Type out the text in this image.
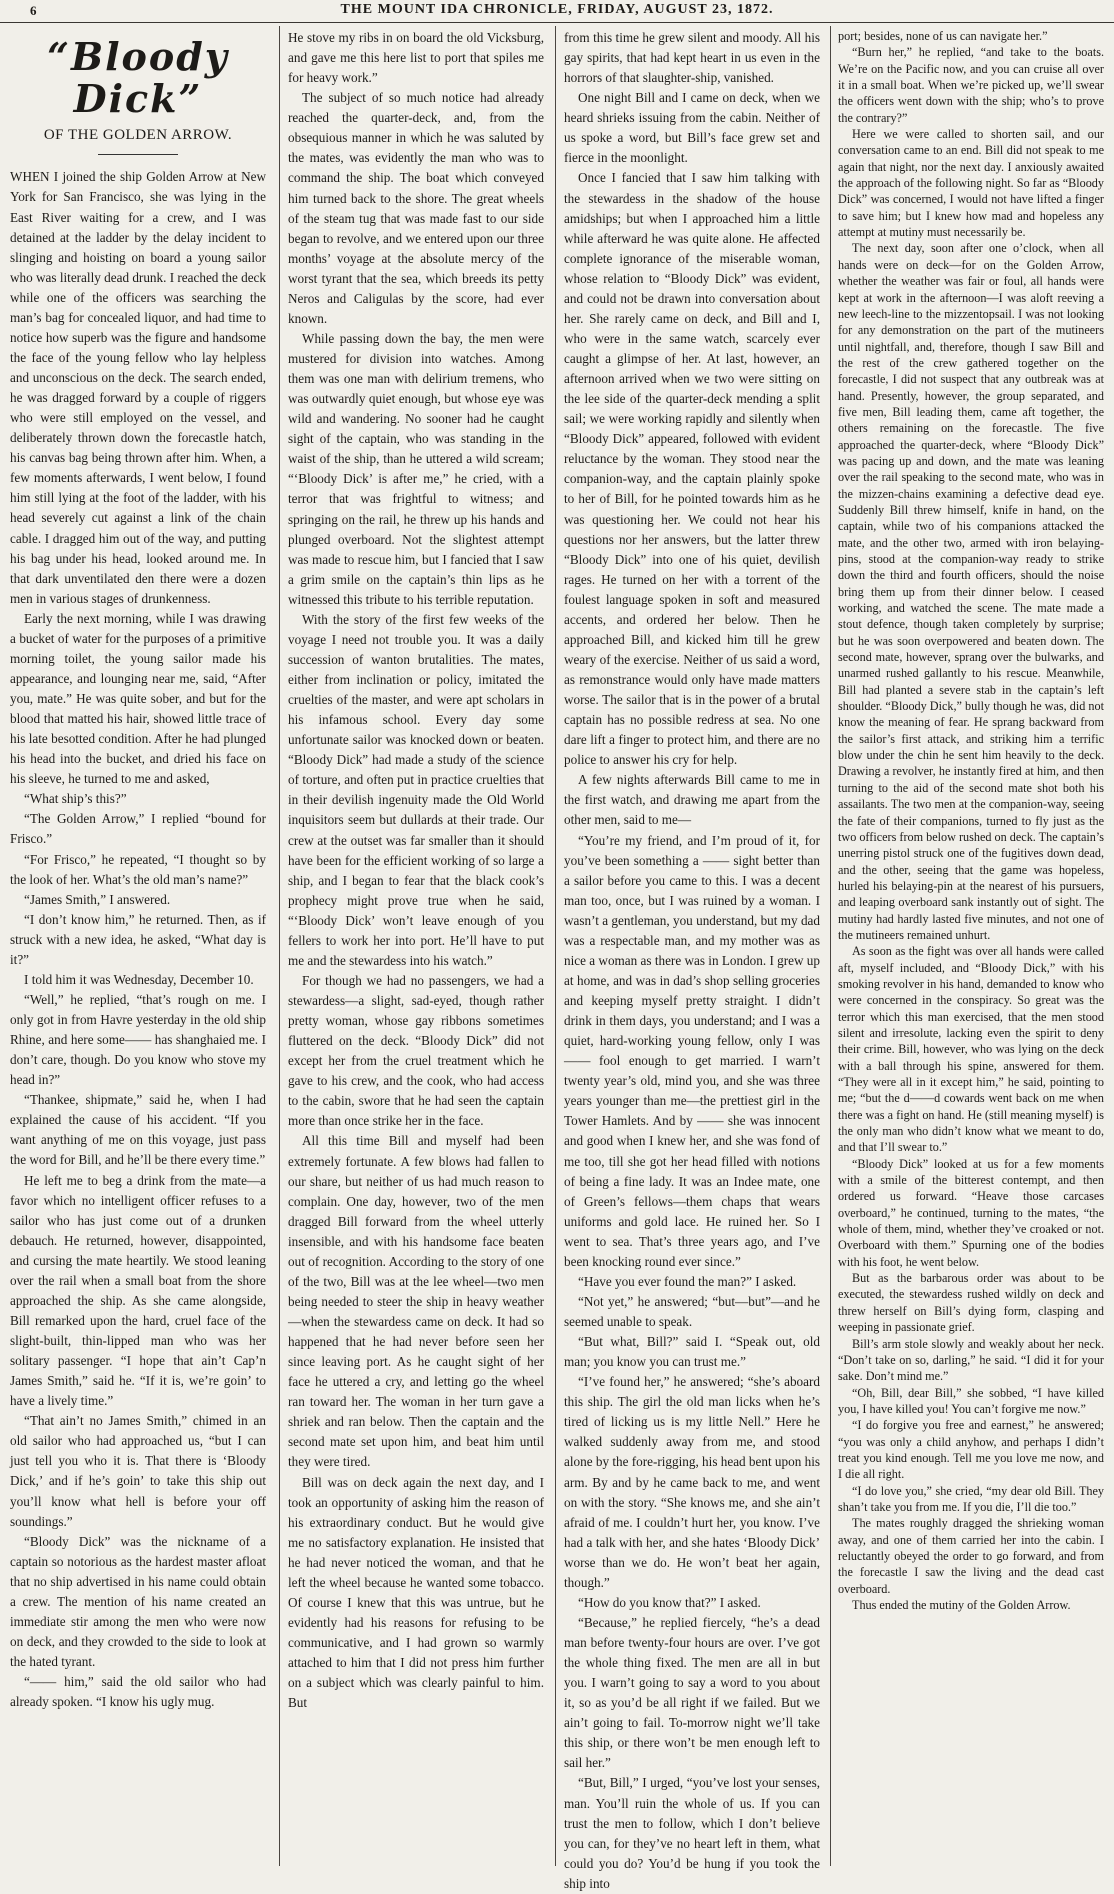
6	THE MOUNT IDA CHRONICLE, FRIDAY, AUGUST 23, 1872.
“Bloody Dick”
OF THE GOLDEN ARROW.

WHEN I joined the ship Golden Arrow at New York for San Francisco, she was lying in the East River waiting for a crew, and I was detained at the ladder by the delay incident to slinging and hoisting on board a young sailor who was literally dead drunk. I reached the deck while one of the officers was searching the man’s bag for concealed liquor, and had time to notice how superb was the figure and handsome the face of the young fellow who lay helpless and unconscious on the deck. The search ended, he was dragged forward by a couple of riggers who were still employed on the vessel, and deliberately thrown down the forecastle hatch, his canvas bag being thrown after him. When, a few moments afterwards, I went below, I found him still lying at the foot of the ladder, with his head severely cut against a link of the chain cable. I dragged him out of the way, and putting his bag under his head, looked around me. In that dark unventilated den there were a dozen men in various stages of drunkenness.

Early the next morning, while I was drawing a bucket of water for the purposes of a primitive morning toilet, the young sailor made his appearance, and lounging near me, said, “After you, mate.” He was quite sober, and but for the blood that matted his hair, showed little trace of his late besotted condition. After he had plunged his head into the bucket, and dried his face on his sleeve, he turned to me and asked,

“What ship’s this?”

“The Golden Arrow,” I replied “bound for Frisco.”

“For Frisco,” he repeated, “I thought so by the look of her. What’s the old man’s name?”

“James Smith,” I answered.

“I don’t know him,” he returned. Then, as if struck with a new idea, he asked, “What day is it?”

I told him it was Wednesday, December 10.

“Well,” he replied, “that’s rough on me. I only got in from Havre yesterday in the old ship Rhine, and here some—— has shanghaied me. I don’t care, though. Do you know who stove my head in?”

“Thankee, shipmate,” said he, when I had explained the cause of his accident. “If you want anything of me on this voyage, just pass the word for Bill, and he’ll be there every time.”

He left me to beg a drink from the mate—a favor which no intelligent officer refuses to a sailor who has just come out of a drunken debauch. He returned, however, disappointed, and cursing the mate heartily. We stood leaning over the rail when a small boat from the shore approached the ship. As she came alongside, Bill remarked upon the hard, cruel face of the slight-built, thin-lipped man who was her solitary passenger. “I hope that ain’t Cap’n James Smith,” said he. “If it is, we’re goin’ to have a lively time.”

“That ain’t no James Smith,” chimed in an old sailor who had approached us, “but I can just tell you who it is. That there is ‘Bloody Dick,’ and if he’s goin’ to take this ship out you’ll know what hell is before your off soundings.”

“Bloody Dick” was the nickname of a captain so notorious as the hardest master afloat that no ship advertised in his name could obtain a crew. The mention of his name created an immediate stir among the men who were now on deck, and they crowded to the side to look at the hated tyrant.

“—— him,” said the old sailor who had already spoken. “I know his ugly mug.

He stove my ribs in on board the old Vicksburg, and gave me this here list to port that spiles me for heavy work.”

The subject of so much notice had already reached the quarter-deck, and, from the obsequious manner in which he was saluted by the mates, was evidently the man who was to command the ship. The boat which conveyed him turned back to the shore. The great wheels of the steam tug that was made fast to our side began to revolve, and we entered upon our three months’ voyage at the absolute mercy of the worst tyrant that the sea, which breeds its petty Neros and Caligulas by the score, had ever known.

While passing down the bay, the men were mustered for division into watches. Among them was one man with delirium tremens, who was outwardly quiet enough, but whose eye was wild and wandering. No sooner had he caught sight of the captain, who was standing in the waist of the ship, than he uttered a wild scream; “‘Bloody Dick’ is after me,” he cried, with a terror that was frightful to witness; and springing on the rail, he threw up his hands and plunged overboard. Not the slightest attempt was made to rescue him, but I fancied that I saw a grim smile on the captain’s thin lips as he witnessed this tribute to his terrible reputation.

With the story of the first few weeks of the voyage I need not trouble you. It was a daily succession of wanton brutalities. The mates, either from inclination or policy, imitated the cruelties of the master, and were apt scholars in his infamous school. Every day some unfortunate sailor was knocked down or beaten. “Bloody Dick” had made a study of the science of torture, and often put in practice cruelties that in their devilish ingenuity made the Old World inquisitors seem but dullards at their trade. Our crew at the outset was far smaller than it should have been for the efficient working of so large a ship, and I began to fear that the black cook’s prophecy might prove true when he said, “‘Bloody Dick’ won’t leave enough of you fellers to work her into port. He’ll have to put me and the stewardess into his watch.”

For though we had no passengers, we had a stewardess—a slight, sad-eyed, though rather pretty woman, whose gay ribbons sometimes fluttered on the deck. “Bloody Dick” did not except her from the cruel treatment which he gave to his crew, and the cook, who had access to the cabin, swore that he had seen the captain more than once strike her in the face.

All this time Bill and myself had been extremely fortunate. A few blows had fallen to our share, but neither of us had much reason to complain. One day, however, two of the men dragged Bill forward from the wheel utterly insensible, and with his handsome face beaten out of recognition. According to the story of one of the two, Bill was at the lee wheel—two men being needed to steer the ship in heavy weather—when the stewardess came on deck. It had so happened that he had never before seen her since leaving port. As he caught sight of her face he uttered a cry, and letting go the wheel ran toward her. The woman in her turn gave a shriek and ran below. Then the captain and the second mate set upon him, and beat him until they were tired.

Bill was on deck again the next day, and I took an opportunity of asking him the reason of his extraordinary conduct. But he would give me no satisfactory explanation. He insisted that he had never noticed the woman, and that he left the wheel because he wanted some tobacco. Of course I knew that this was untrue, but he evidently had his reasons for refusing to be communicative, and I had grown so warmly attached to him that I did not press him further on a subject which was clearly painful to him. But

from this time he grew silent and moody. All his gay spirits, that had kept heart in us even in the horrors of that slaughter-ship, vanished.

One night Bill and I came on deck, when we heard shrieks issuing from the cabin. Neither of us spoke a word, but Bill’s face grew set and fierce in the moonlight.

Once I fancied that I saw him talking with the stewardess in the shadow of the house amidships; but when I approached him a little while afterward he was quite alone. He affected complete ignorance of the miserable woman, whose relation to “Bloody Dick” was evident, and could not be drawn into conversation about her. She rarely came on deck, and Bill and I, who were in the same watch, scarcely ever caught a glimpse of her. At last, however, an afternoon arrived when we two were sitting on the lee side of the quarter-deck mending a split sail; we were working rapidly and silently when “Bloody Dick” appeared, followed with evident reluctance by the woman. They stood near the companion-way, and the captain plainly spoke to her of Bill, for he pointed towards him as he was questioning her. We could not hear his questions nor her answers, but the latter threw “Bloody Dick” into one of his quiet, devilish rages. He turned on her with a torrent of the foulest language spoken in soft and measured accents, and ordered her below. Then he approached Bill, and kicked him till he grew weary of the exercise. Neither of us said a word, as remonstrance would only have made matters worse. The sailor that is in the power of a brutal captain has no possible redress at sea. No one dare lift a finger to protect him, and there are no police to answer his cry for help.

A few nights afterwards Bill came to me in the first watch, and drawing me apart from the other men, said to me—

“You’re my friend, and I’m proud of it, for you’ve been something a —— sight better than a sailor before you came to this. I was a decent man too, once, but I was ruined by a woman. I wasn’t a gentleman, you understand, but my dad was a respectable man, and my mother was as nice a woman as there was in London. I grew up at home, and was in dad’s shop selling groceries and keeping myself pretty straight. I didn’t drink in them days, you understand; and I was a quiet, hard-working young fellow, only I was —— fool enough to get married. I warn’t twenty year’s old, mind you, and she was three years younger than me—the prettiest girl in the Tower Hamlets. And by —— she was innocent and good when I knew her, and she was fond of me too, till she got her head filled with notions of being a fine lady. It was an Indee mate, one of Green’s fellows—them chaps that wears uniforms and gold lace. He ruined her. So I went to sea. That’s three years ago, and I’ve been knocking round ever since.”

“Have you ever found the man?” I asked.

“Not yet,” he answered; “but—but”—and he seemed unable to speak.

“But what, Bill?” said I. “Speak out, old man; you know you can trust me.”

“I’ve found her,” he answered; “she’s aboard this ship. The girl the old man licks when he’s tired of licking us is my little Nell.” Here he walked suddenly away from me, and stood alone by the fore-rigging, his head bent upon his arm. By and by he came back to me, and went on with the story. “She knows me, and she ain’t afraid of me. I couldn’t hurt her, you know. I’ve had a talk with her, and she hates ‘Bloody Dick’ worse than we do. He won’t beat her again, though.”

“How do you know that?” I asked.

“Because,” he replied fiercely, “he’s a dead man before twenty-four hours are over. I’ve got the whole thing fixed. The men are all in but you. I warn’t going to say a word to you about it, so as you’d be all right if we failed. But we ain’t going to fail. To-morrow night we’ll take this ship, or there won’t be men enough left to sail her.”

“But, Bill,” I urged, “you’ve lost your senses, man. You’ll ruin the whole of us. If you can trust the men to follow, which I don’t believe you can, for they’ve no heart left in them, what could you do? You’d be hung if you took the ship into

port; besides, none of us can navigate her.”

“Burn her,” he replied, “and take to the boats. We’re on the Pacific now, and you can cruise all over it in a small boat. When we’re picked up, we’ll swear the officers went down with the ship; who’s to prove the contrary?”

Here we were called to shorten sail, and our conversation came to an end. Bill did not speak to me again that night, nor the next day. I anxiously awaited the approach of the following night. So far as “Bloody Dick” was concerned, I would not have lifted a finger to save him; but I knew how mad and hopeless any attempt at mutiny must necessarily be.

The next day, soon after one o’clock, when all hands were on deck—for on the Golden Arrow, whether the weather was fair or foul, all hands were kept at work in the afternoon—I was aloft reeving a new leech-line to the mizzentopsail. I was not looking for any demonstration on the part of the mutineers until nightfall, and, therefore, though I saw Bill and the rest of the crew gathered together on the forecastle, I did not suspect that any outbreak was at hand. Presently, however, the group separated, and five men, Bill leading them, came aft together, the others remaining on the forecastle. The five approached the quarter-deck, where “Bloody Dick” was pacing up and down, and the mate was leaning over the rail speaking to the second mate, who was in the mizzen-chains examining a defective dead eye. Suddenly Bill threw himself, knife in hand, on the captain, while two of his companions attacked the mate, and the other two, armed with iron belaying-pins, stood at the companion-way ready to strike down the third and fourth officers, should the noise bring them up from their dinner below. I ceased working, and watched the scene. The mate made a stout defence, though taken completely by surprise; but he was soon overpowered and beaten down. The second mate, however, sprang over the bulwarks, and unarmed rushed gallantly to his rescue. Meanwhile, Bill had planted a severe stab in the captain’s left shoulder. “Bloody Dick,” bully though he was, did not know the meaning of fear. He sprang backward from the sailor’s first attack, and striking him a terrific blow under the chin he sent him heavily to the deck. Drawing a revolver, he instantly fired at him, and then turning to the aid of the second mate shot both his assailants. The two men at the companion-way, seeing the fate of their companions, turned to fly just as the two officers from below rushed on deck. The captain’s unerring pistol struck one of the fugitives down dead, and the other, seeing that the game was hopeless, hurled his belaying-pin at the nearest of his pursuers, and leaping overboard sank instantly out of sight. The mutiny had hardly lasted five minutes, and not one of the mutineers remained unhurt.

As soon as the fight was over all hands were called aft, myself included, and “Bloody Dick,” with his smoking revolver in his hand, demanded to know who were concerned in the conspiracy. So great was the terror which this man exercised, that the men stood silent and irresolute, lacking even the spirit to deny their crime. Bill, however, who was lying on the deck with a ball through his spine, answered for them. “They were all in it except him,” he said, pointing to me; “but the d——d cowards went back on me when there was a fight on hand. He (still meaning myself) is the only man who didn’t know what we meant to do, and that I’ll swear to.”

“Bloody Dick” looked at us for a few moments with a smile of the bitterest contempt, and then ordered us forward. “Heave those carcases overboard,” he continued, turning to the mates, “the whole of them, mind, whether they’ve croaked or not. Overboard with them.” Spurning one of the bodies with his foot, he went below.

But as the barbarous order was about to be executed, the stewardess rushed wildly on deck and threw herself on Bill’s dying form, clasping and weeping in passionate grief.

Bill’s arm stole slowly and weakly about her neck. “Don’t take on so, darling,” he said. “I did it for your sake. Don’t mind me.”

“Oh, Bill, dear Bill,” she sobbed, “I have killed you, I have killed you! You can’t forgive me now.”

“I do forgive you free and earnest,” he answered; “you was only a child anyhow, and perhaps I didn’t treat you kind enough. Tell me you love me now, and I die all right.

“I do love you,” she cried, “my dear old Bill. They shan’t take you from me. If you die, I’ll die too.”

The mates roughly dragged the shrieking woman away, and one of them carried her into the cabin. I reluctantly obeyed the order to go forward, and from the forecastle I saw the living and the dead cast overboard.

Thus ended the mutiny of the Golden Arrow.
